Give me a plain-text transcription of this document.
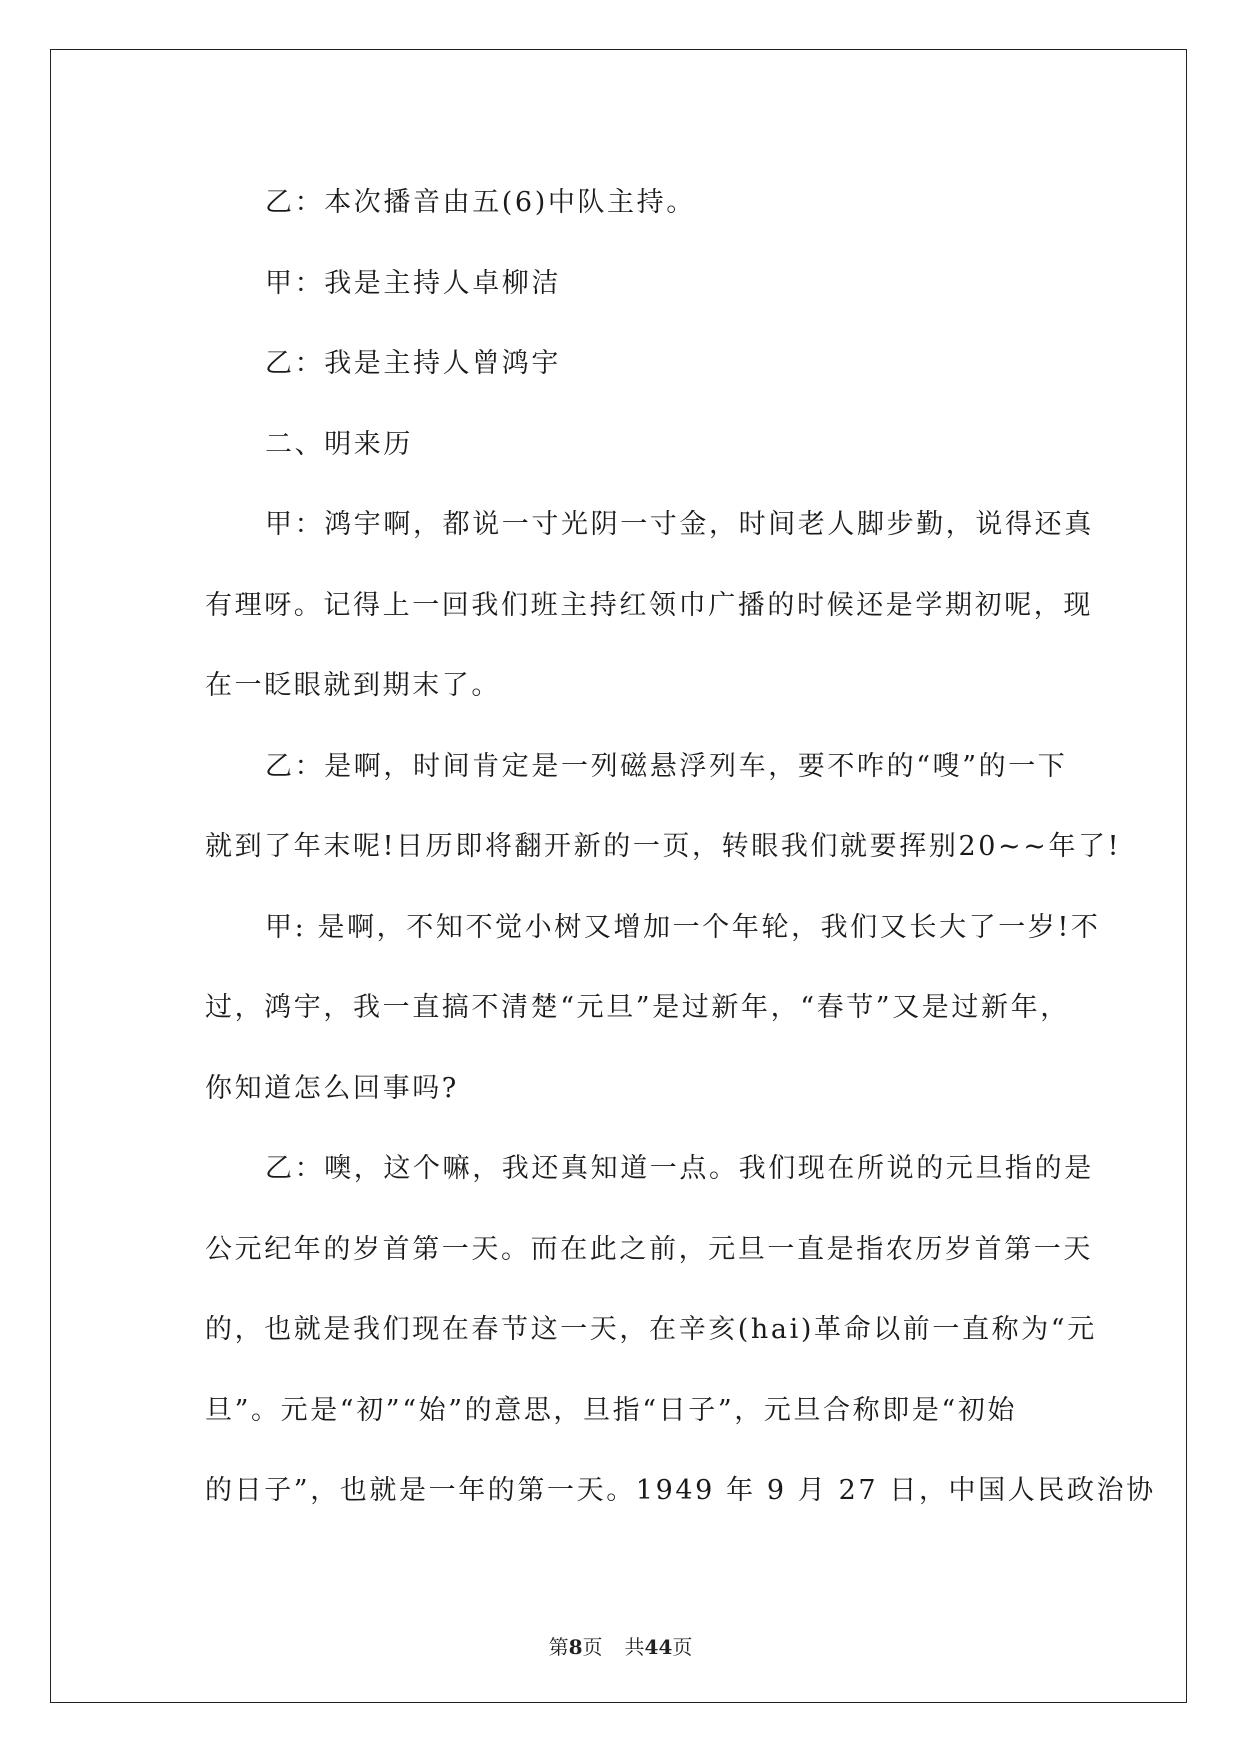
乙：本次播音由五(6)中队主持。
甲：我是主持人卓柳洁
乙：我是主持人曾鸿宇
二、明来历
甲：鸿宇啊，都说一寸光阴一寸金，时间老人脚步勤，说得还真
有理呀。记得上一回我们班主持红领巾广播的时候还是学期初呢，现
在一眨眼就到期末了。
乙：是啊，时间肯定是一列磁悬浮列车，要不咋的“嗖”的一下
就到了年末呢!日历即将翻开新的一页，转眼我们就要挥别20~~年了!
甲: 是啊，不知不觉小树又增加一个年轮，我们又长大了一岁!不
过，鸿宇，我一直搞不清楚“元旦”是过新年，“春节”又是过新年，
你知道怎么回事吗?
乙：噢，这个嘛，我还真知道一点。我们现在所说的元旦指的是
公元纪年的岁首第一天。而在此之前，元旦一直是指农历岁首第一天
的，也就是我们现在春节这一天，在辛亥(hai)革命以前一直称为“元
旦”。元是“初”“始”的意思，旦指“日子”，元旦合称即是“初始
的日子”，也就是一年的第一天。1949 年 9 月 27 日，中国人民政治协
第8页 共44页
